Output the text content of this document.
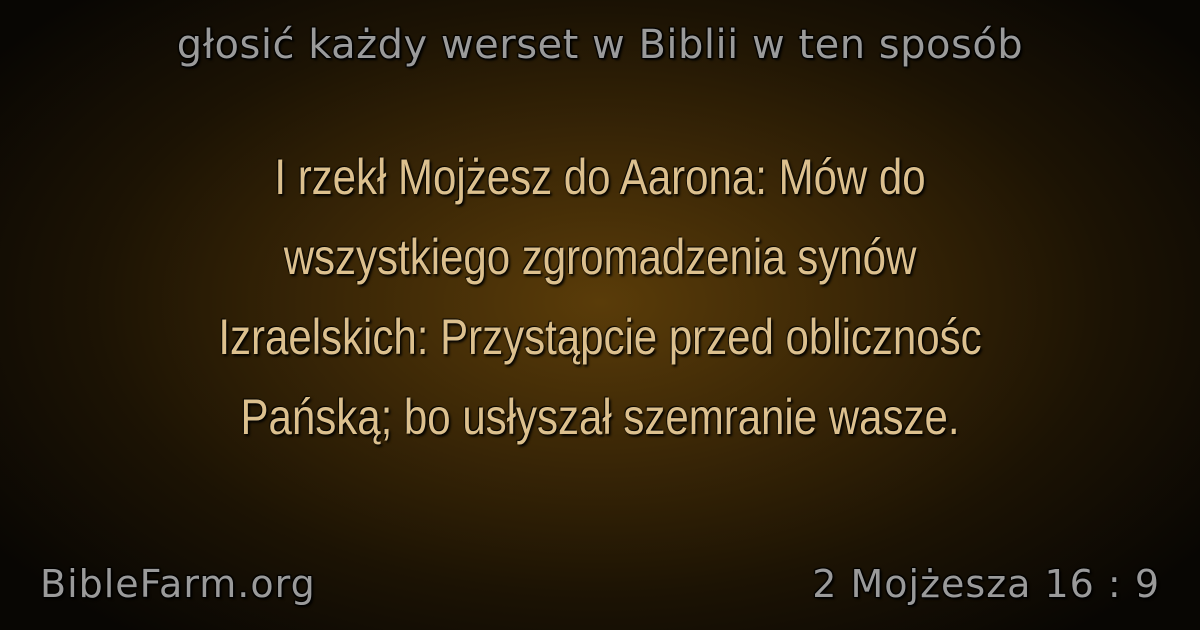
głosić każdy werset w Biblii w ten sposób
I rzekł Mojżesz do Aarona: Mów do
wszystkiego zgromadzenia synów
Izraelskich: Przystąpcie przed oblicznośc
Pańską; bo usłyszał szemranie wasze.
BibleFarm.org	2 Mojżesza 16 : 9
